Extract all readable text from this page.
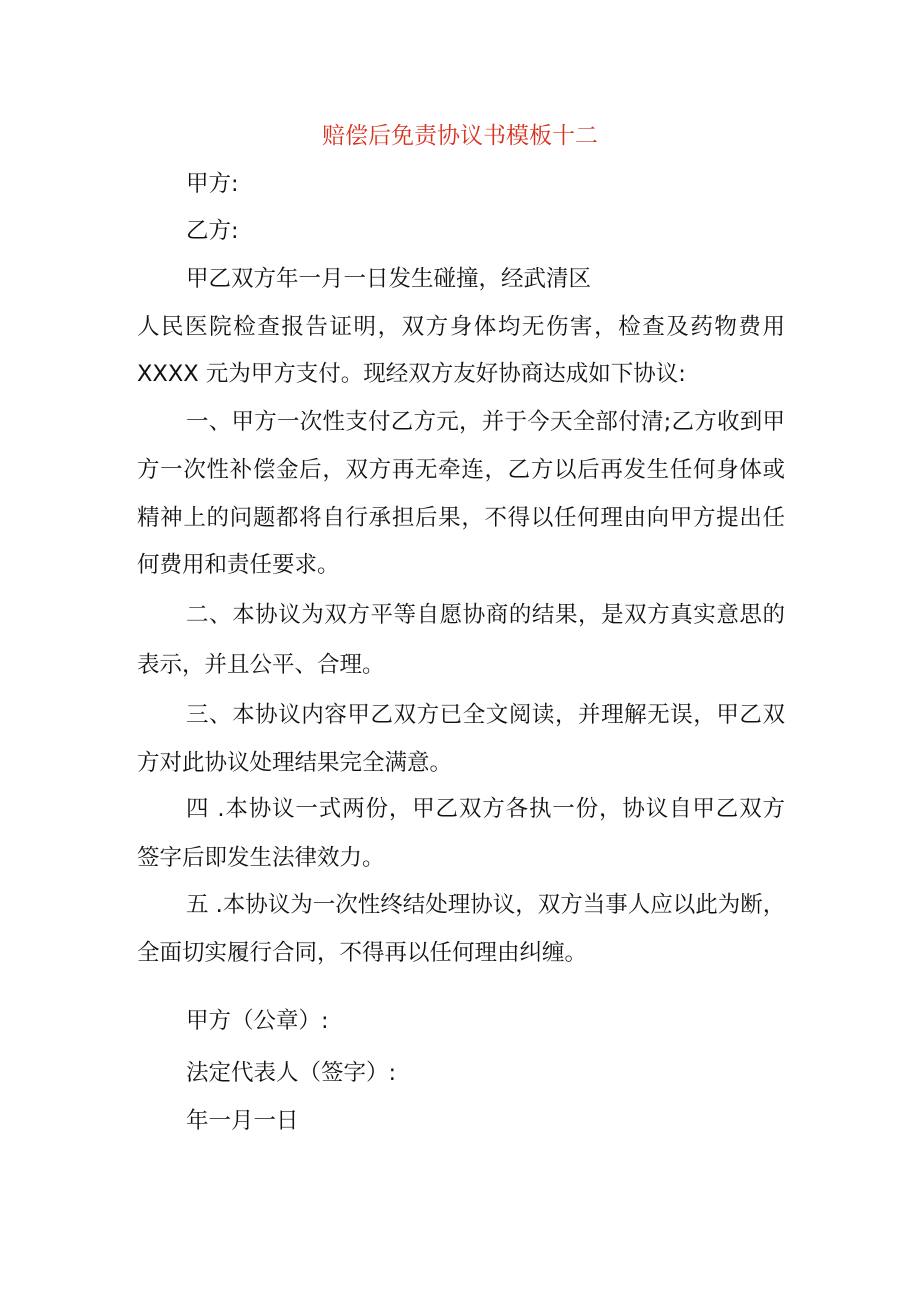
赔偿后免责协议书模板十二
甲方:
乙方:
甲乙双方年一月一日发生碰撞，经武清区
人民医院检查报告证明，双方身体均无伤害，检查及药物费用
XXXX 元为甲方支付。现经双方友好协商达成如下协议:
一、甲方一次性支付乙方元，并于今天全部付清;乙方收到甲
方一次性补偿金后，双方再无牵连，乙方以后再发生任何身体或
精神上的问题都将自行承担后果，不得以任何理由向甲方提出任
何费用和责任要求。
二、本协议为双方平等自愿协商的结果，是双方真实意思的
表示，并且公平、合理。
三、本协议内容甲乙双方已全文阅读，并理解无误，甲乙双
方对此协议处理结果完全满意。
四 .本协议一式两份，甲乙双方各执一份，协议自甲乙双方
签字后即发生法律效力。
五 .本协议为一次性终结处理协议，双方当事人应以此为断，
全面切实履行合同，不得再以任何理由纠缠。
甲方（公章）:
法定代表人（签字）:
年一月一日
